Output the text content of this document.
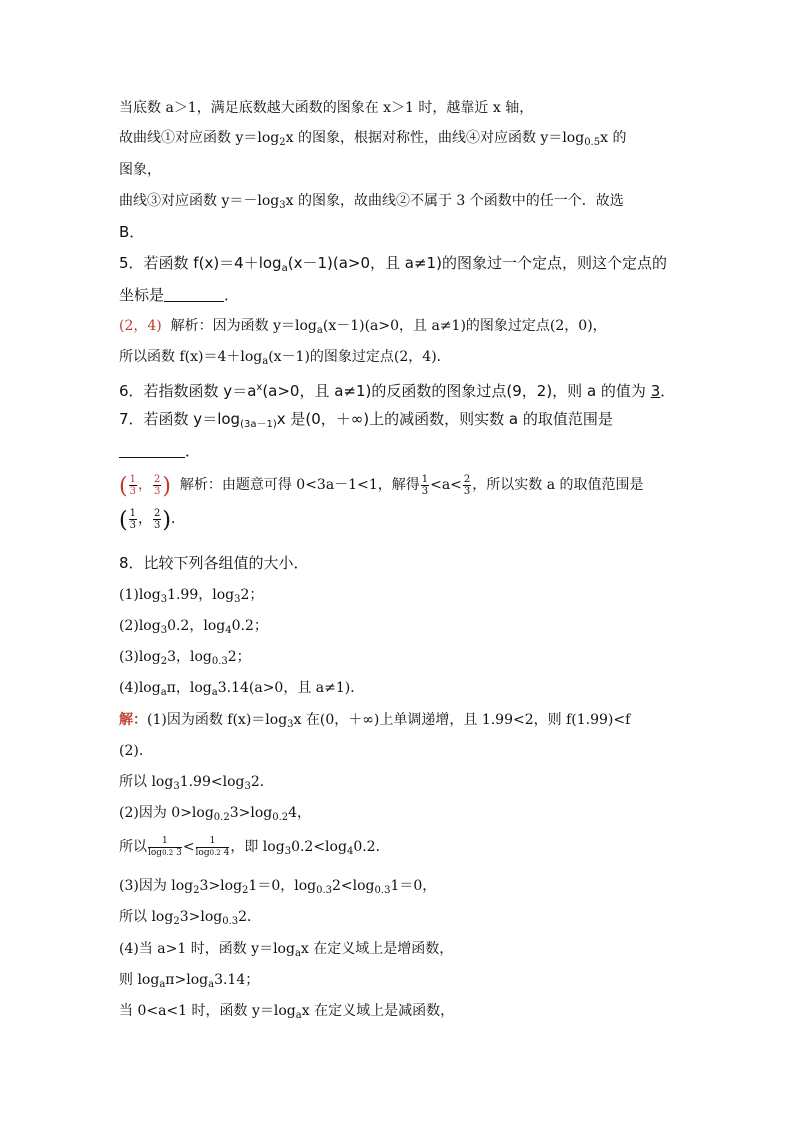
当底数 a＞1，满足底数越大函数的图象在 x＞1 时，越靠近 x 轴，
故曲线①对应函数 $y=\log_2x$ 的图象，根据对称性，曲线④对应函数 $y=\log_{0.5}x$ 的
图象，
曲线③对应函数 $y=-\log_3x$ 的图象，故曲线②不属于 3 个函数中的任一个．故选
B．
5．若函数 $f(x)=4+\log_a(x-1)(a>0$，且 a≠1)的图象过一个定点，则这个定点的
坐标是	．
(2，4) 解析：因为函数 $y=\log_a(x-1)(a>0$，且 a≠1)的图象过定点(2，0)，
所以函数 $f(x)=4+\log_a(x-1)$的图象过定点(2，4)．
6．若指数函数 $y=a^x(a>0$，且 a≠1)的反函数的图象过点(9，2)，则 a 的值为 3．
7．若函数 $y=\log_{(3a-1)}x$ 是(0，＋∞)上的减函数，则实数 a 的取值范围是
．
( $\frac{1}{3}$ ， $\frac{2}{3}$ ) 解析：由题意可得 0<3a－1<1，解得 $\frac{1}{3} <a< \frac{2}{3}$ ，所以实数 a 的取值范围是
( $\frac{1}{3}$ ， $\frac{2}{3}$ )．
8．比较下列各组值的大小．
$(1)\log_31.99$，$\log_32$；
$(2)\log_30.2$，$\log_40.2$；
$(3)\log_23$，$\log_{0.3}2$；
$(4)\log_a\pi$，$\log_a3.14(a>0$，且 a≠1)．
解：(1)因为函数 $f(x)=\log_3x$ 在(0，＋∞)上单调递增，且 1.99<2，则 f(1.99)<f
(2)．
所以 $\log_31.99<\log_32$．
(2)因为 $0>\log_{0.2}3>\log_{0.2}4$，
所以 $\frac{1}{\log 0.2 3} < \frac{1}{\log 0.2 4}$ ，即 $\log_30.2<\log_40.2$．
(3)因为 $\log_23>\log_21=0$，$\log_{0.3}2<\log_{0.3}1=0$，
所以 $\log_23>\log_{0.3}2$．
(4)当 a>1 时，函数 $y=\log_ax$ 在定义域上是增函数，
则 $\log_a\pi>\log_a3.14$；
当 0<a<1 时，函数 $y=\log_ax$ 在定义域上是减函数，
